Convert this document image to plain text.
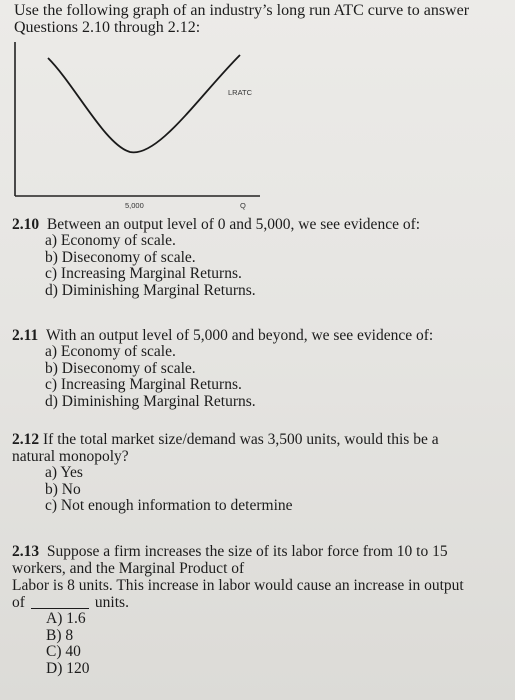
Use the following graph of an industry’s long run ATC curve to answer
Questions 2.10 through 2.12:
LRATC
5,000	Q
2.10 Between an output level of 0 and 5,000, we see evidence of:
a) Economy of scale.
b) Diseconomy of scale.
c) Increasing Marginal Returns.
d) Diminishing Marginal Returns.
2.11 With an output level of 5,000 and beyond, we see evidence of:
a) Economy of scale.
b) Diseconomy of scale.
c) Increasing Marginal Returns.
d) Diminishing Marginal Returns.
2.12 If the total market size/demand was 3,500 units, would this be a
natural monopoly?
a) Yes
b) No
c) Not enough information to determine
2.13 Suppose a firm increases the size of its labor force from 10 to 15
workers, and the Marginal Product of
Labor is 8 units. This increase in labor would cause an increase in output
of	units.
A) 1.6
B) 8
C) 40
D) 120
